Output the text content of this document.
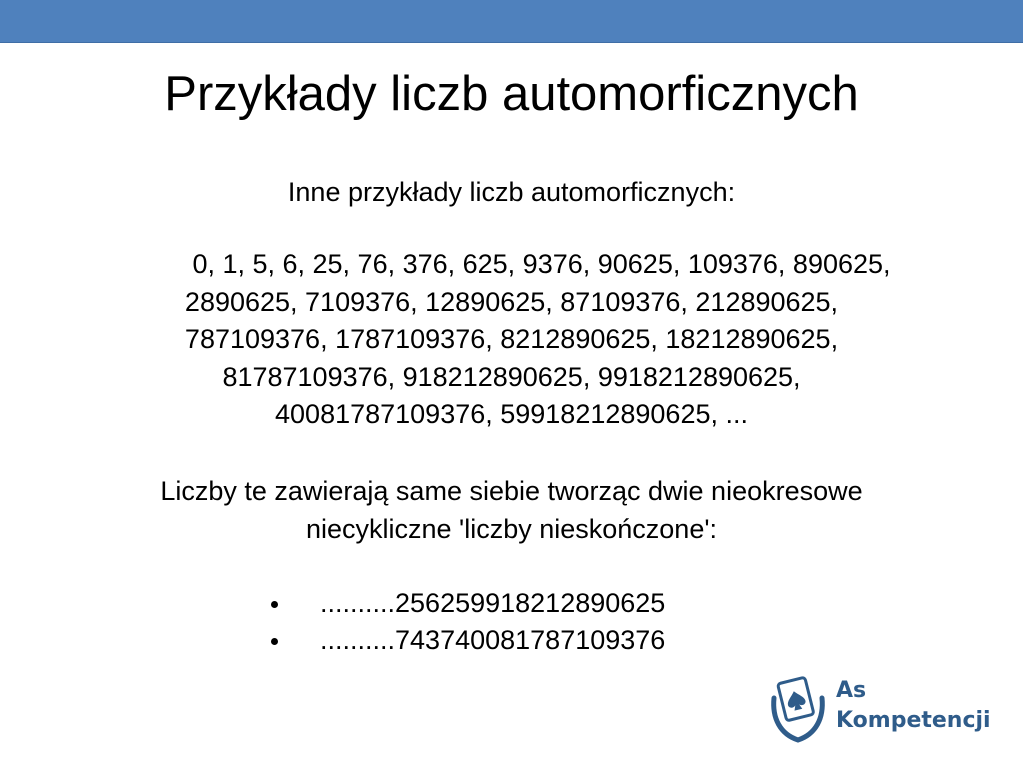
Przykłady liczb automorficznych
Inne przykłady liczb automorficznych:
0, 1, 5, 6, 25, 76, 376, 625, 9376, 90625, 109376, 890625,
2890625, 7109376, 12890625, 87109376, 212890625,
787109376, 1787109376, 8212890625, 18212890625,
81787109376, 918212890625, 9918212890625,
40081787109376, 59918212890625, ...
Liczby te zawierają same siebie tworząc dwie nieokresowe
niecykliczne 'liczby nieskończone':
..........256259918212890625
..........743740081787109376
As
Kompetencji
